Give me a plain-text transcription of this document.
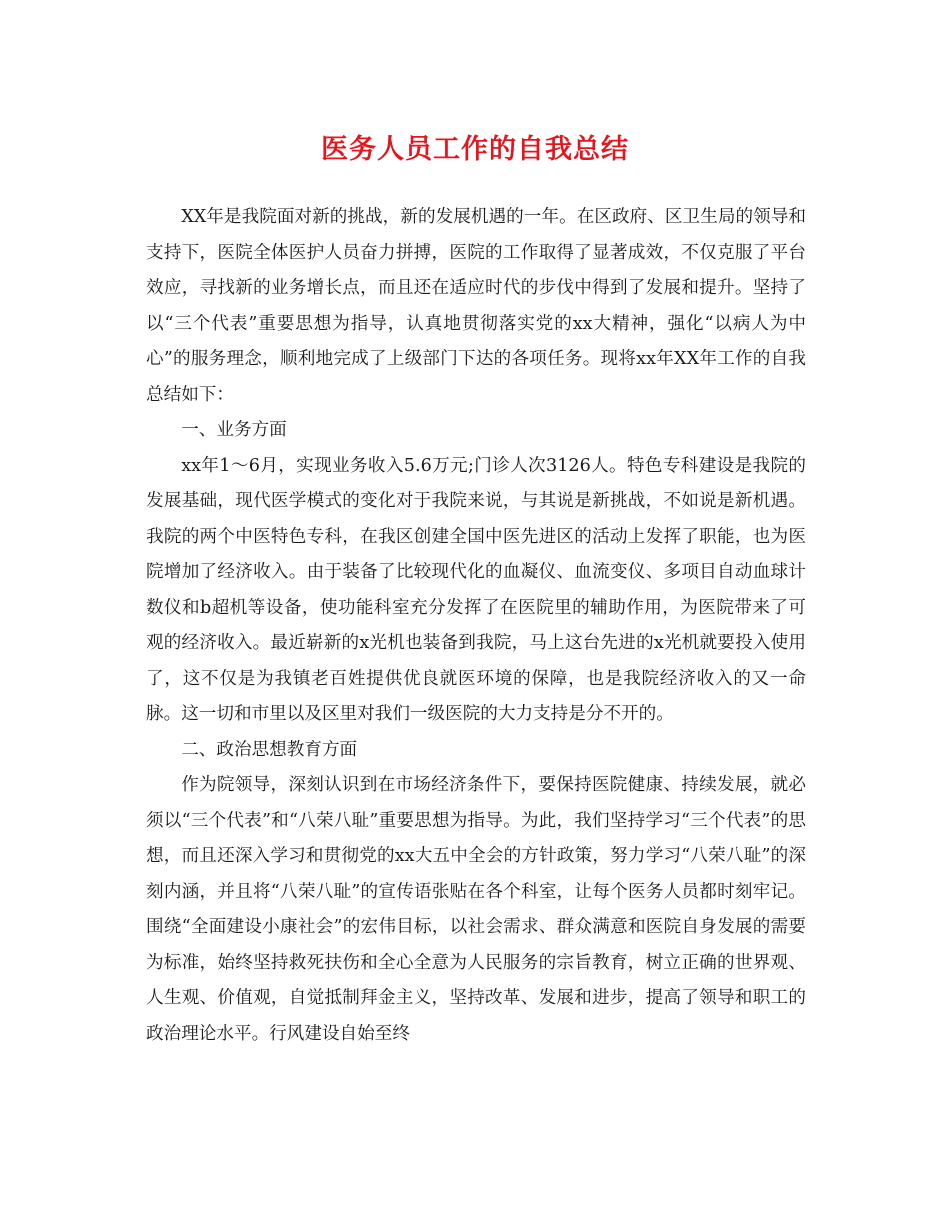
医务人员工作的自我总结

XX年是我院面对新的挑战，新的发展机遇的一年。在区政府、区卫生局的领导和支持下，医院全体医护人员奋力拼搏，医院的工作取得了显著成效，不仅克服了平台效应，寻找新的业务增长点，而且还在适应时代的步伐中得到了发展和提升。坚持了以“三个代表”重要思想为指导，认真地贯彻落实党的xx大精神，强化“以病人为中心”的服务理念，顺利地完成了上级部门下达的各项任务。现将xx年XX年工作的自我总结如下：

一、业务方面

xx年1～6月，实现业务收入5.6万元;门诊人次3126人。特色专科建设是我院的发展基础，现代医学模式的变化对于我院来说，与其说是新挑战，不如说是新机遇。我院的两个中医特色专科，在我区创建全国中医先进区的活动上发挥了职能，也为医院增加了经济收入。由于装备了比较现代化的血凝仪、血流变仪、多项目自动血球计数仪和b超机等设备，使功能科室充分发挥了在医院里的辅助作用，为医院带来了可观的经济收入。最近崭新的x光机也装备到我院，马上这台先进的x光机就要投入使用了，这不仅是为我镇老百姓提供优良就医环境的保障，也是我院经济收入的又一命脉。这一切和市里以及区里对我们一级医院的大力支持是分不开的。

二、政治思想教育方面

作为院领导，深刻认识到在市场经济条件下，要保持医院健康、持续发展，就必须以“三个代表”和“八荣八耻”重要思想为指导。为此，我们坚持学习“三个代表”的思想，而且还深入学习和贯彻党的xx大五中全会的方针政策，努力学习“八荣八耻”的深刻内涵，并且将“八荣八耻”的宣传语张贴在各个科室，让每个医务人员都时刻牢记。围绕“全面建设小康社会”的宏伟目标，以社会需求、群众满意和医院自身发展的需要为标准，始终坚持救死扶伤和全心全意为人民服务的宗旨教育，树立正确的世界观、人生观、价值观，自觉抵制拜金主义，坚持改革、发展和进步，提高了领导和职工的政治理论水平。行风建设自始至终
